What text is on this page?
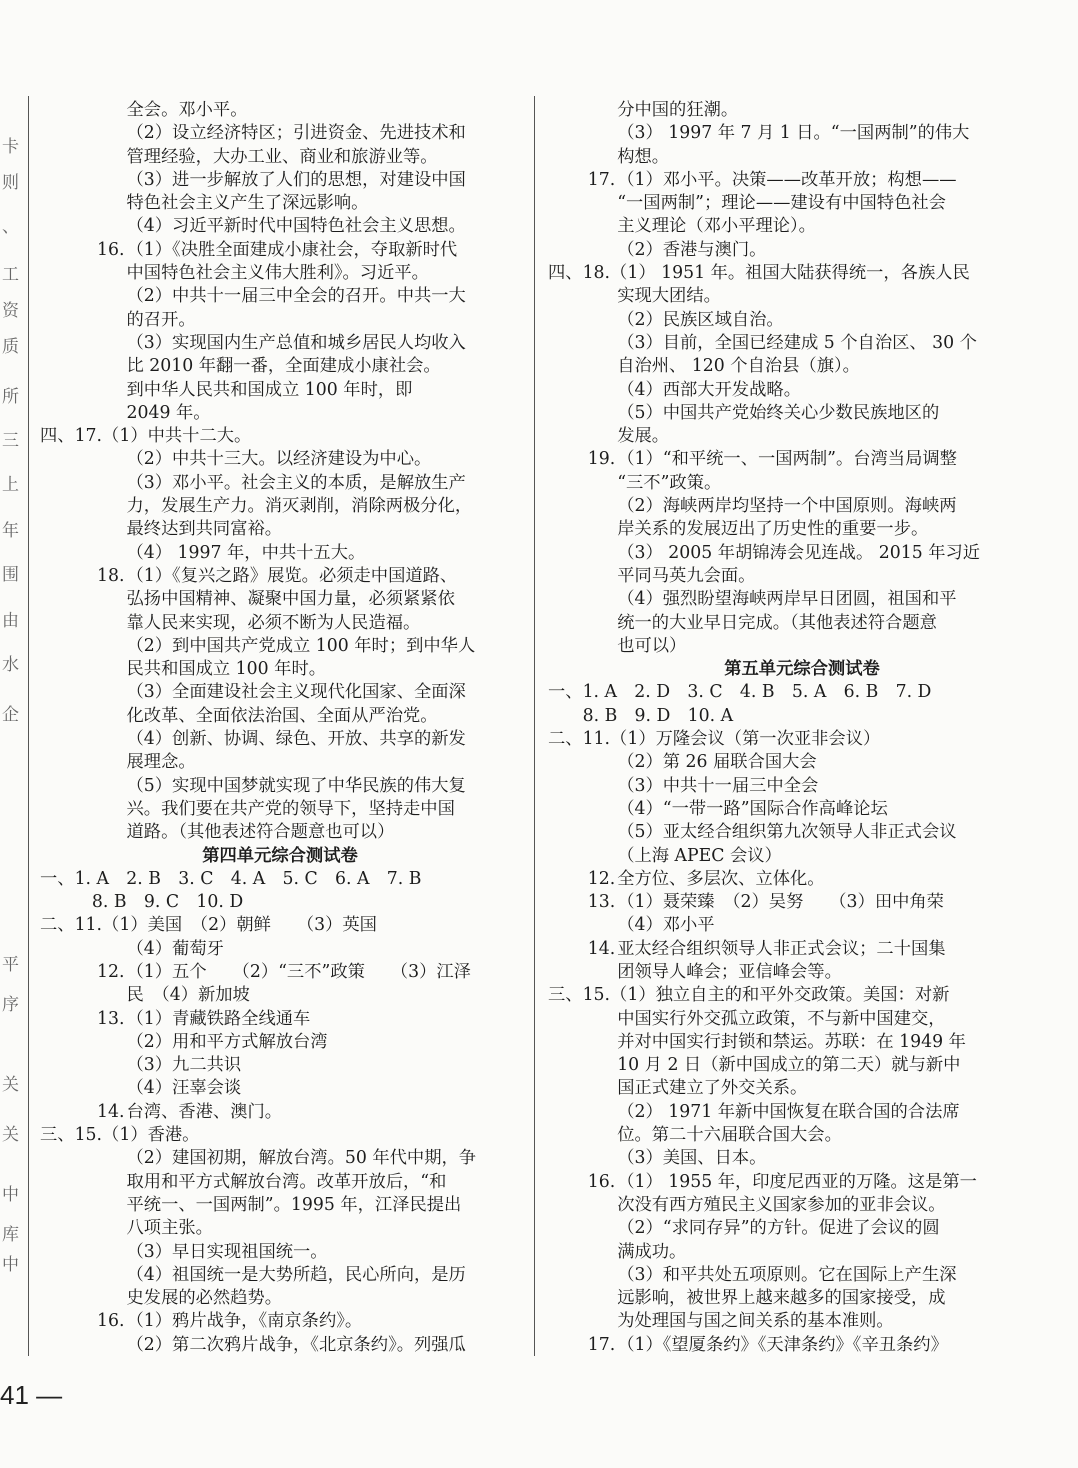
卡
则
、
工
资
质
所
三
上
年
围
由
水
企
平
序
关
关
中
库
中
全会。邓小平。
（2）设立经济特区；引进资金、先进技术和
管理经验，大办工业、商业和旅游业等。
（3）进一步解放了人们的思想，对建设中国
特色社会主义产生了深远影响。
（4）习近平新时代中国特色社会主义思想。
16. （1）《决胜全面建成小康社会，夺取新时代
中国特色社会主义伟大胜利》。习近平。
（2）中共十一届三中全会的召开。中共一大
的召开。
（3）实现国内生产总值和城乡居民人均收入
比 2010 年翻一番，全面建成小康社会。
到中华人民共和国成立 100 年时，即
2049 年。
四、17.（1）中共十二大。
（2）中共十三大。以经济建设为中心。
（3）邓小平。社会主义的本质，是解放生产
力，发展生产力。消灭剥削，消除两极分化，
最终达到共同富裕。
（4） 1997 年，中共十五大。
18. （1）《复兴之路》展览。必须走中国道路、
弘扬中国精神、凝聚中国力量，必须紧紧依
靠人民来实现，必须不断为人民造福。
（2）到中国共产党成立 100 年时；到中华人
民共和国成立 100 年时。
（3）全面建设社会主义现代化国家、全面深
化改革、全面依法治国、全面从严治党。
（4）创新、协调、绿色、开放、共享的新发
展理念。
（5）实现中国梦就实现了中华民族的伟大复
兴。我们要在共产党的领导下，坚持走中国
道路。（其他表述符合题意也可以）
第四单元综合测试卷
一、1. A 2. B 3. C 4. A 5. C 6. A 7. B
8. B 9. C 10. D
二、11.（1）美国　（2）朝鲜　　（3）英国
（4）葡萄牙
12. （1）五个　　（2）“三不”政策　　（3）江泽
民　（4）新加坡
13. （1）青藏铁路全线通车
（2）用和平方式解放台湾
（3）九二共识
（4）汪辜会谈
14. 台湾、香港、澳门。
三、15.（1）香港。
（2）建国初期，解放台湾。50 年代中期，争
取用和平方式解放台湾。改革开放后，“和
平统一、一国两制”。1995 年，江泽民提出
八项主张。
（3）早日实现祖国统一。
（4）祖国统一是大势所趋，民心所向，是历
史发展的必然趋势。
16. （1）鸦片战争，《南京条约》。
（2）第二次鸦片战争，《北京条约》。列强瓜
分中国的狂潮。
（3） 1997 年 7 月 1 日。“一国两制”的伟大
构想。
17. （1）邓小平。决策——改革开放；构想——
“一国两制”；理论——建设有中国特色社会
主义理论（邓小平理论）。
（2）香港与澳门。
四、18.（1） 1951 年。祖国大陆获得统一，各族人民
实现大团结。
（2）民族区域自治。
（3）目前，全国已经建成 5 个自治区、 30 个
自治州、 120 个自治县（旗）。
（4）西部大开发战略。
（5）中国共产党始终关心少数民族地区的
发展。
19. （1）“和平统一、一国两制”。台湾当局调整
“三不”政策。
（2）海峡两岸均坚持一个中国原则。海峡两
岸关系的发展迈出了历史性的重要一步。
（3） 2005 年胡锦涛会见连战。 2015 年习近
平同马英九会面。
（4）强烈盼望海峡两岸早日团圆，祖国和平
统一的大业早日完成。（其他表述符合题意
也可以）
第五单元综合测试卷
一、1. A 2. D 3. C 4. B 5. A 6. B 7. D
8. B 9. D 10. A
二、11.（1）万隆会议（第一次亚非会议）
（2）第 26 届联合国大会
（3）中共十一届三中全会
（4）“一带一路”国际合作高峰论坛
（5）亚太经合组织第九次领导人非正式会议
（上海 APEC 会议）
12. 全方位、多层次、立体化。
13. （1）聂荣臻　（2）吴努　　（3）田中角荣
（4）邓小平
14. 亚太经合组织领导人非正式会议；二十国集
团领导人峰会；亚信峰会等。
三、15.（1）独立自主的和平外交政策。美国：对新
中国实行外交孤立政策，不与新中国建交，
并对中国实行封锁和禁运。苏联：在 1949 年
10 月 2 日（新中国成立的第二天）就与新中
国正式建立了外交关系。
（2） 1971 年新中国恢复在联合国的合法席
位。第二十六届联合国大会。
（3）美国、日本。
16. （1） 1955 年，印度尼西亚的万隆。这是第一
次没有西方殖民主义国家参加的亚非会议。
（2）“求同存异”的方针。促进了会议的圆
满成功。
（3）和平共处五项原则。它在国际上产生深
远影响，被世界上越来越多的国家接受，成
为处理国与国之间关系的基本准则。
17. （1）《望厦条约》《天津条约》《辛丑条约》
41 —
